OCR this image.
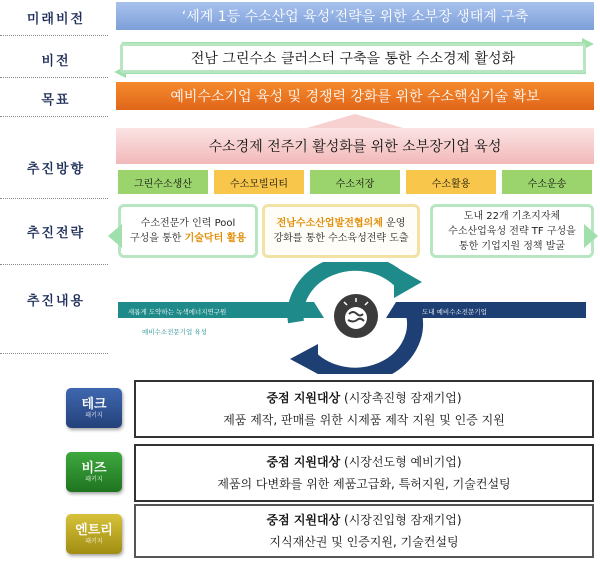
미래비전
비전
목표
추진방향
추진전략
추진내용
‘세계 1등 수소산업 육성’전략을 위한 소부장 생태계 구축
전남 그린수소 클러스터 구축을 통한 수소경제 활성화
예비수소기업 육성 및 경쟁력 강화를 위한 수소핵심기술 확보
수소경제 전주기 활성화를 위한 소부장기업 육성
그린수소생산	수소모빌리티	수소저장	수소활용	수소운송
수소전문가 인력 Pool
구성을 통한 기술닥터 활용
전남수소산업발전협의체 운영
강화를 통한 수소육성전략 도출
도내 22개 기초지자체
수소산업육성 전략 TF 구성을
통한 기업지원 정책 발굴
새롭게 도약하는 녹색에너지연구원	도내 예비수소전문기업
예비수소전문기업 육성
테크
패키지
중점 지원대상 (시장촉진형 잠재기업)
제품 제작, 판매를 위한 시제품 제작 지원 및 인증 지원
비즈
패키지
중점 지원대상 (시장선도형 예비기업)
제품의 다변화를 위한 제품고급화, 특허지원, 기술컨설팅
엔트리
패키지
중점 지원대상 (시장진입형 잠재기업)
지식재산권 및 인증지원, 기술컨설팅
